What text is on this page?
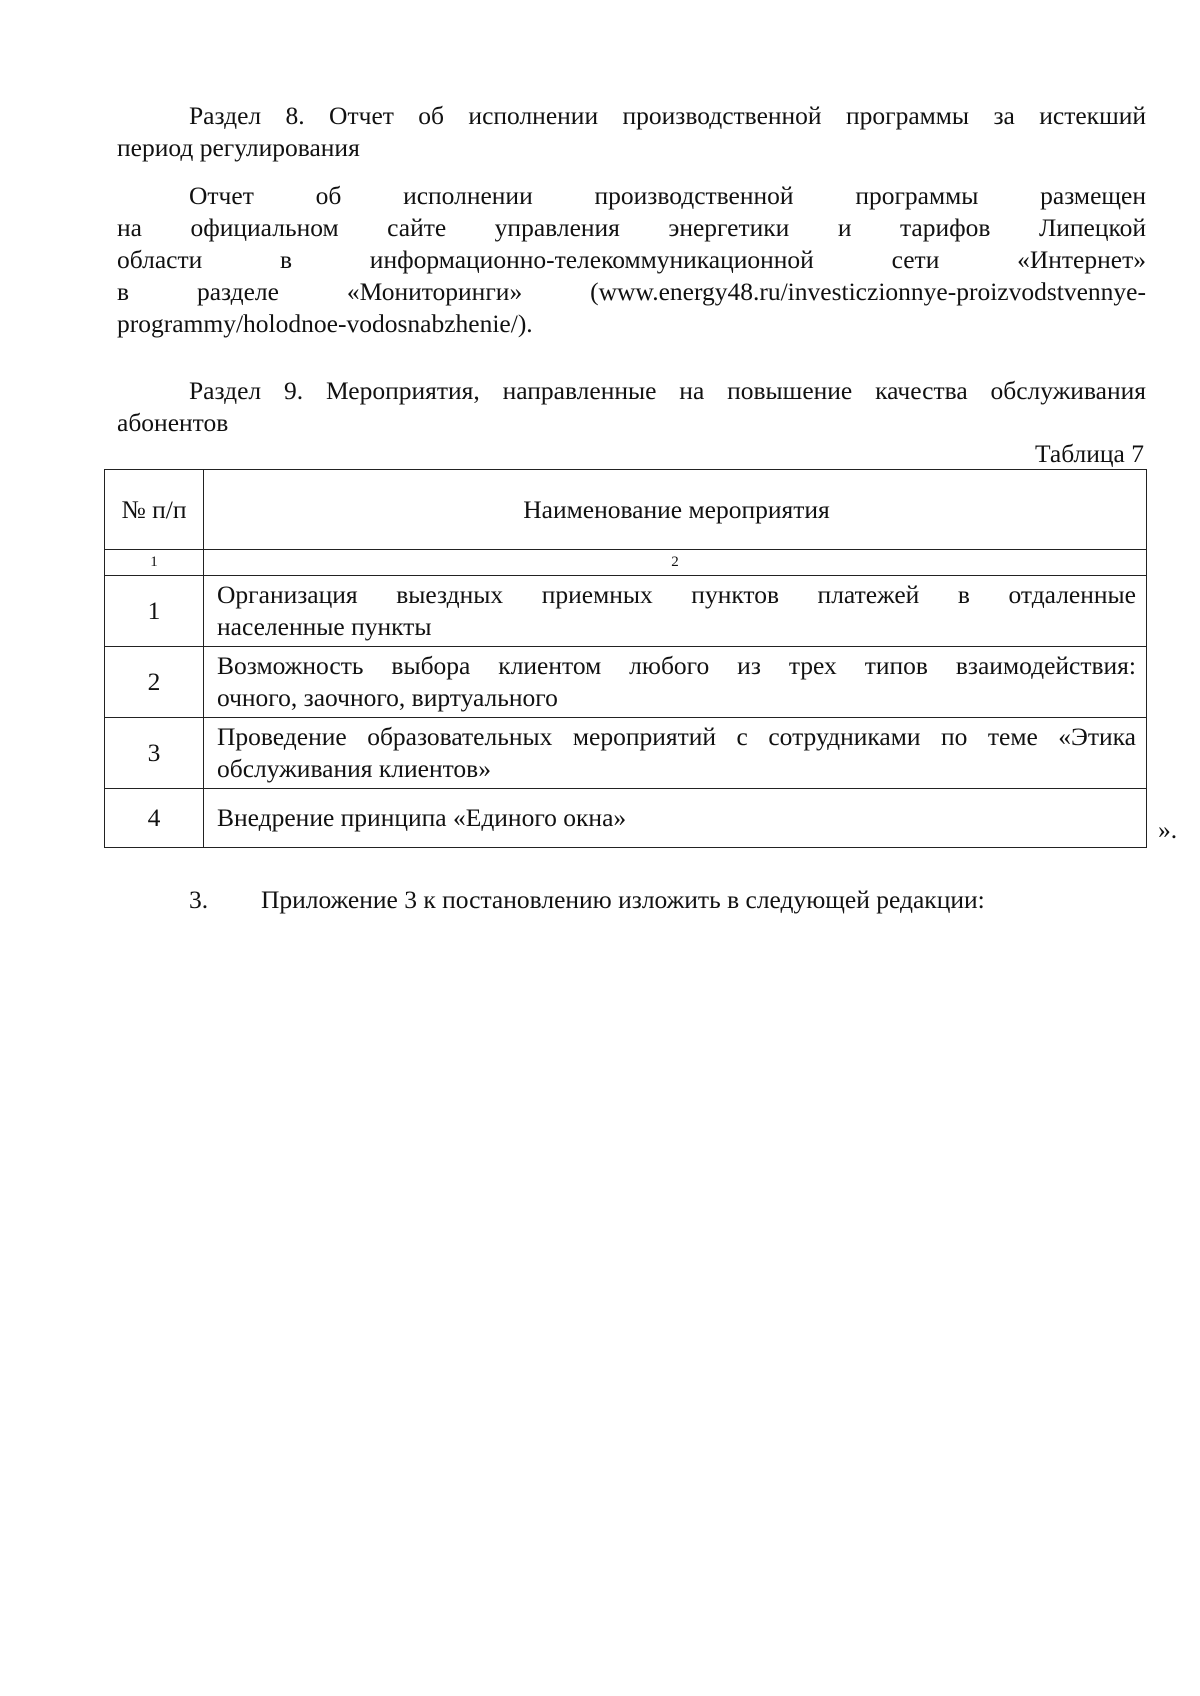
Раздел 8. Отчет об исполнении производственной программы за истекший
период регулирования
Отчет об исполнении производственной программы размещен
на официальном сайте управления энергетики и тарифов Липецкой
области в информационно-телекоммуникационной сети «Интернет»
в разделе «Мониторинги» (www.energy48.ru/investiczionnye-proizvodstvennye-
programmy/holodnoe-vodosnabzhenie/).
Раздел 9. Мероприятия, направленные на повышение качества обслуживания
абонентов
Таблица 7
№ п/п	Наименование мероприятия
1	2
1	Организация выездных приемных пунктов платежей в отдаленные
населенные пункты

2	Возможность выбора клиентом любого из трех типов взаимодействия:
очного, заочного, виртуального

3	Проведение образовательных мероприятий с сотрудниками по теме «Этика
обслуживания клиентов»

4	Внедрение принципа «Единого окна»	».
3. Приложение 3 к постановлению изложить в следующей редакции:
